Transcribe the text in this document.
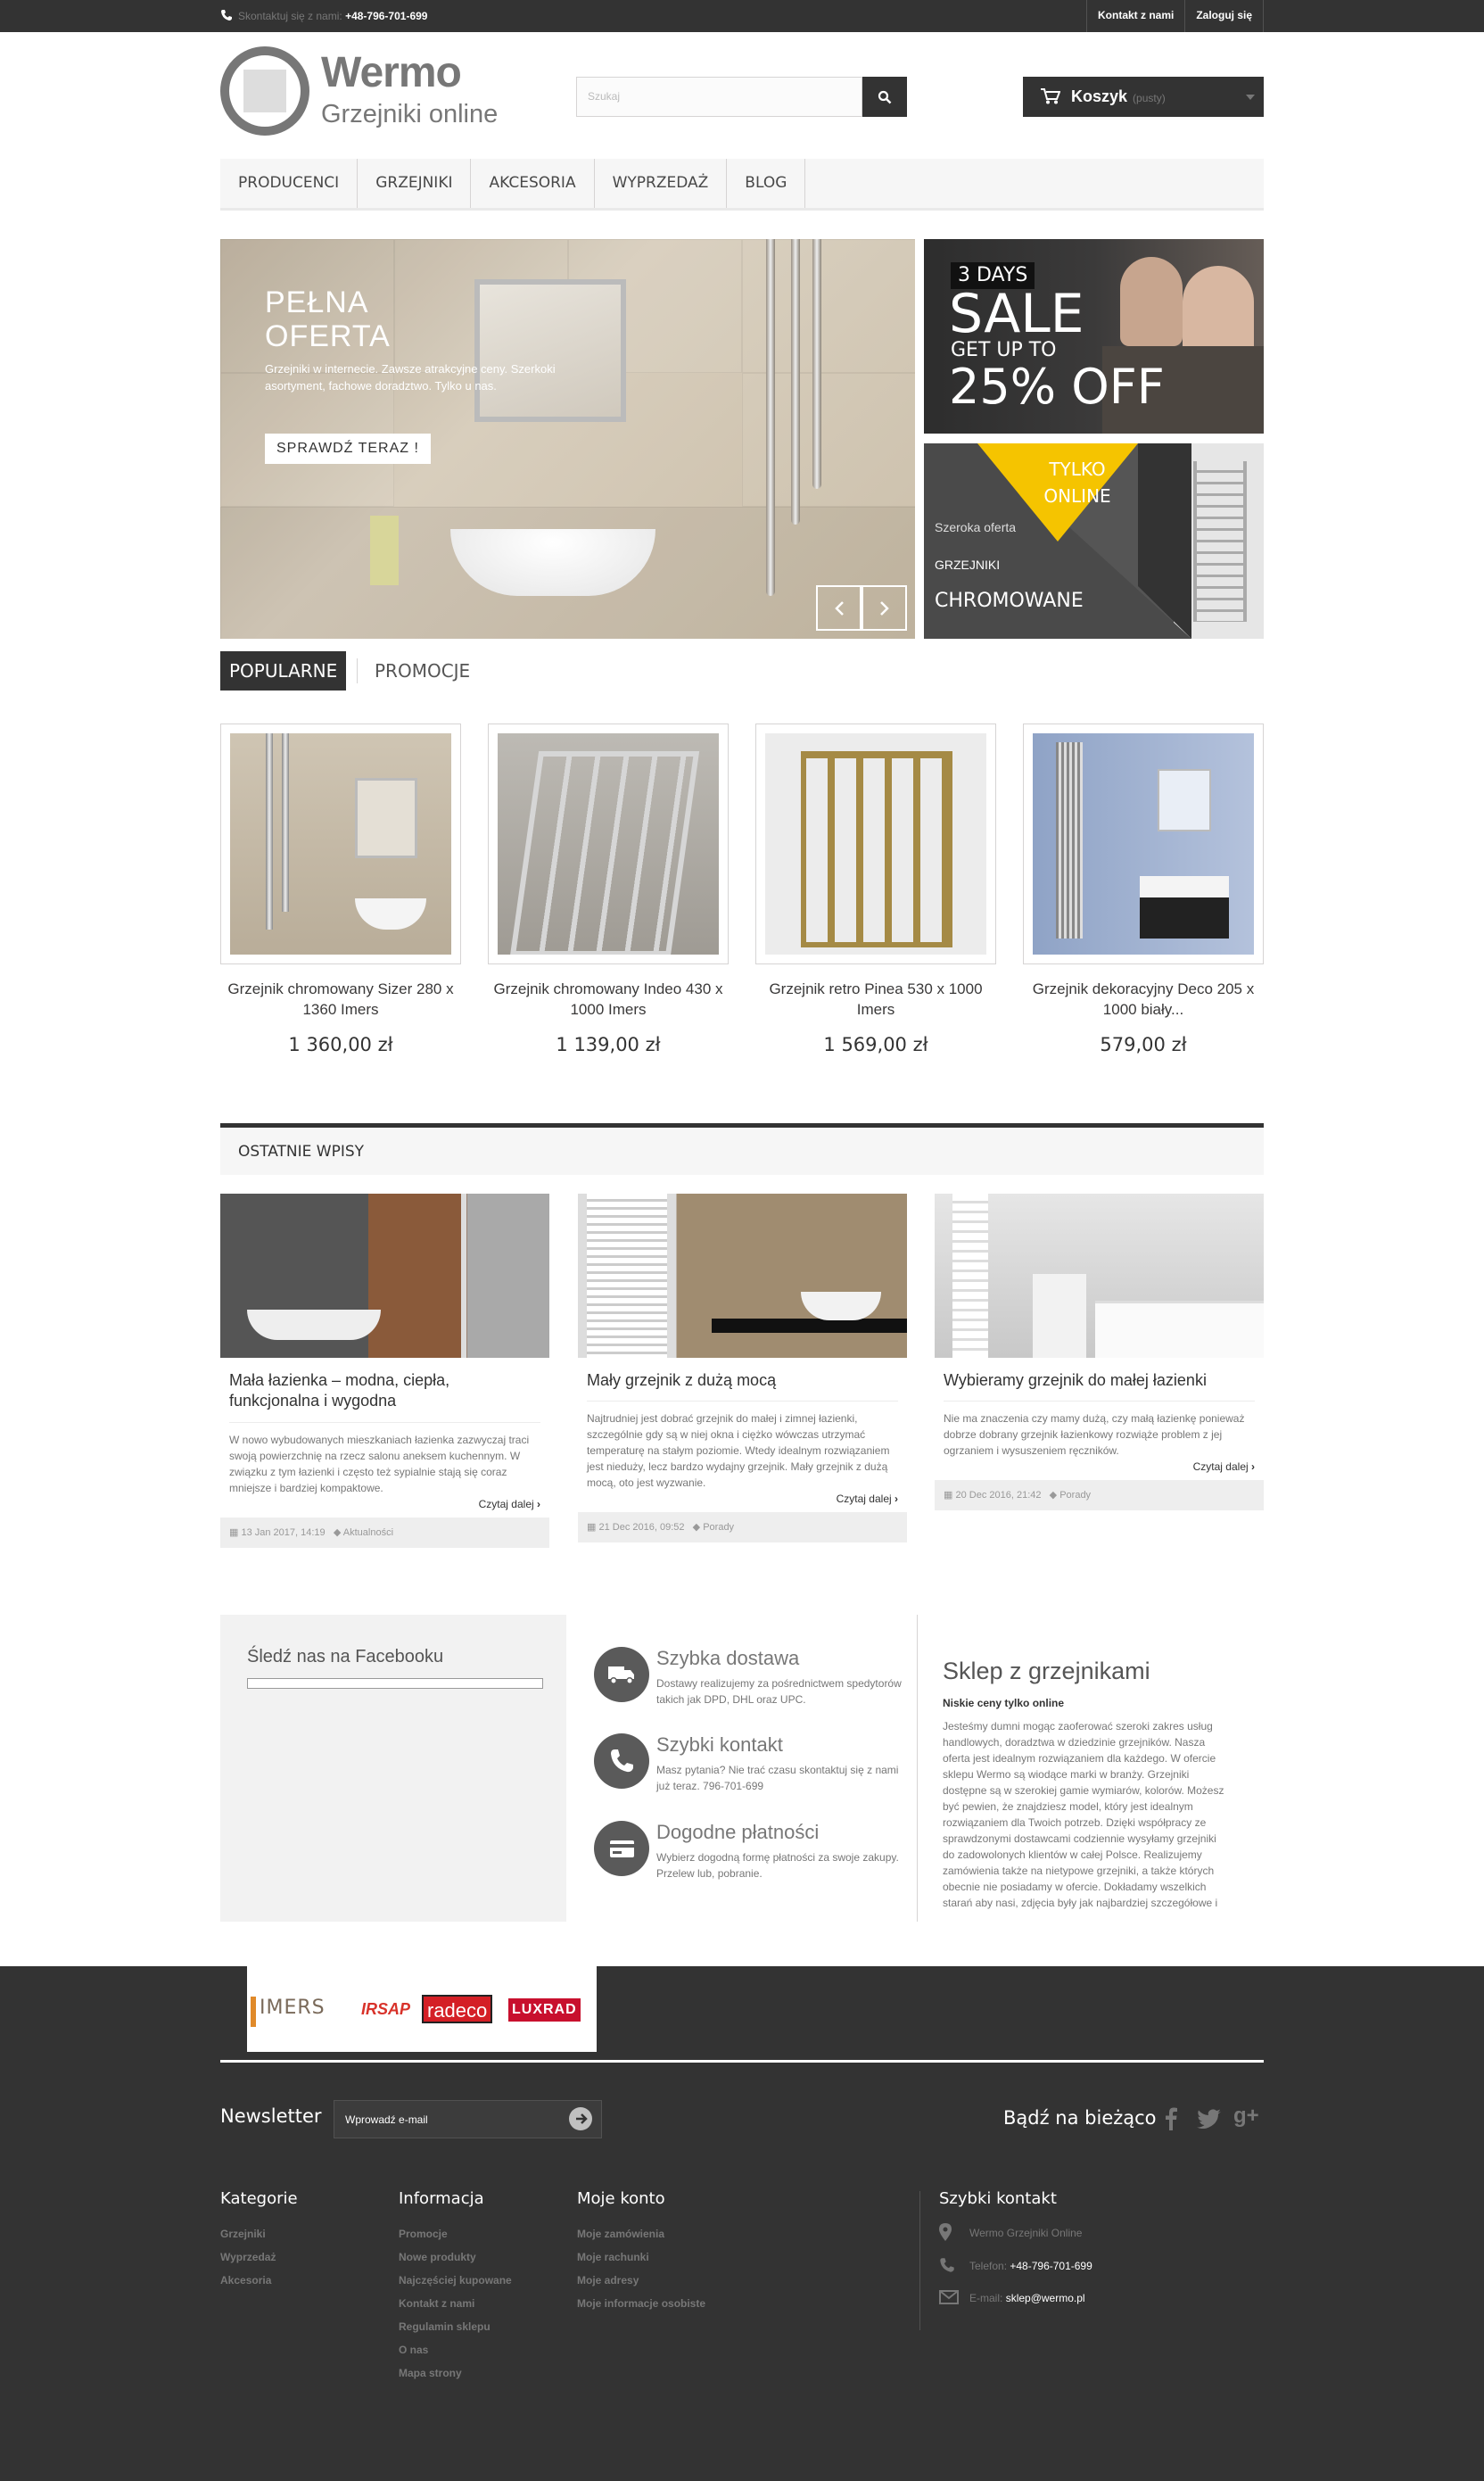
Skontaktuj się z nami: +48-796-701-699	Kontakt z nami	Zaloguj się
Wermo
Grzejniki online
Szukaj	Koszyk (pusty)
PRODUCENCI	GRZEJNIKI	AKCESORIA	WYPRZEDAŻ	BLOG
PEŁNA
OFERTA
Grzejniki w internecie. Zawsze atrakcyjne ceny. Szerkoki asortyment, fachowe doradztwo. Tylko u nas.
SPRAWDŹ TERAZ !
3 DAYS
SALE
GET UP TO
25% OFF
TYLKO
ONLINE
Szeroka oferta
GRZEJNIKI
CHROMOWANE
POPULARNE	PROMOCJE
Grzejnik chromowany Sizer 280 x 1360 Imers
1 360,00 zł
Grzejnik chromowany Indeo 430 x 1000 Imers
1 139,00 zł
Grzejnik retro Pinea 530 x 1000 Imers
1 569,00 zł
Grzejnik dekoracyjny Deco 205 x 1000 biały...
579,00 zł
OSTATNIE WPISY
Mała łazienka – modna, ciepła, funkcjonalna i wygodna
W nowo wybudowanych mieszkaniach łazienka zazwyczaj traci swoją powierzchnię na rzecz salonu aneksem kuchennym. W związku z tym łazienki i często też sypialnie stają się coraz mniejsze i bardziej kompaktowe.
Czytaj dalej ›
▦ 13 Jan 2017, 14:19 ◆ Aktualności
Mały grzejnik z dużą mocą
Najtrudniej jest dobrać grzejnik do małej i zimnej łazienki, szczególnie gdy są w niej okna i ciężko wówczas utrzymać temperaturę na stałym poziomie. Wtedy idealnym rozwiązaniem jest nieduży, lecz bardzo wydajny grzejnik. Mały grzejnik z dużą mocą, oto jest wyzwanie.
Czytaj dalej ›
▦ 21 Dec 2016, 09:52 ◆ Porady
Wybieramy grzejnik do małej łazienki
Nie ma znaczenia czy mamy dużą, czy małą łazienkę ponieważ dobrze dobrany grzejnik łazienkowy rozwiąże problem z jej ogrzaniem i wysuszeniem ręczników.
Czytaj dalej ›
▦ 20 Dec 2016, 21:42 ◆ Porady
Śledź nas na Facebooku	Szybka dostawa
Dostawy realizujemy za pośrednictwem spedytorów takich jak DPD, DHL oraz UPC.
Szybki kontakt
Masz pytania? Nie trać czasu skontaktuj się z nami już teraz. 796-701-699
Dogodne płatności
Wybierz dogodną formę płatności za swoje zakupy. Przelew lub, pobranie.
Sklep z grzejnikami
Niskie ceny tylko online
Jesteśmy dumni mogąc zaoferować szeroki zakres usług handlowych, doradztwa w dziedzinie grzejników. Nasza oferta jest idealnym rozwiązaniem dla każdego. W ofercie sklepu Wermo są wiodące marki w branży. Grzejniki dostępne są w szerokiej gamie wymiarów, kolorów. Możesz być pewien, że znajdziesz model, który jest idealnym rozwiązaniem dla Twoich potrzeb. Dzięki współpracy ze sprawdzonymi dostawcami codziennie wysyłamy grzejniki do zadowolonych klientów w całej Polsce. Realizujemy zamówienia także na nietypowe grzejniki, a także których obecnie nie posiadamy w ofercie. Dokładamy wszelkich starań aby nasi, zdjęcia były jak najbardziej szczegółowe i
IMERS IRSAP radeco	LUXRAD
Newsletter	Wprowadź e-mail	Bądź na bieżąco	g+
Kategorie
Grzejniki
Wyprzedaż
Akcesoria
Informacja
Promocje
Nowe produkty
Najczęściej kupowane
Kontakt z nami
Regulamin sklepu
O nas
Mapa strony
Moje konto
Moje zamówienia
Moje rachunki
Moje adresy
Moje informacje osobiste
Szybki kontakt
Wermo Grzejniki Online
Telefon: +48-796-701-699
E-mail: sklep@wermo.pl
